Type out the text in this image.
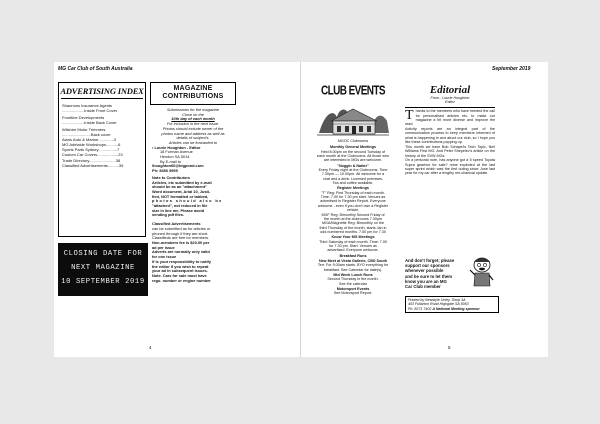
MG Car Club of South Australia	September 2019
ADVERTISING INDEX
Shannons Insurance Agents
....................Inside Front Cover
Frontline Developments
....................Inside Back Cover
Wilshire Motor Trimmers
..........................Back cover
Alans Auto & Marine..............3
MG Adelaide Workshops...........6
Sports Parts Sydney.................7
Custom Car Covers...................23
Trade Directory........................38
Classified Advertisements..........39
CLOSING DATE FOR
NEXT MAGAZINE
10 SEPTEMBER 2019
MAGAZINE
CONTRIBUTIONS
Submissions for the magazine
Close on the
10th day of each month
For inclusion in the next issue.
Photos should include owner of the
photos name and address as well as
details of subject/s.
Articles can be forwarded to
• Lourie Houghton - Editor
18 Forman Avenue
Hendon SA 5014
By E-mail to
lhoughton60@bigpond.com
Ph: 8356 9955
Note to Contributors
Articles, etc submitted by e-mail
should be as an "attachment"
Word document, Arial 10, Justi-
fied, NOT formatted or tabbed,
photos should also be
"attached", not reduced in file
size in line me. Please avoid
sending pdf files.
Classified Advertisements
can be submitted as for articles or
phoned through if they are short.
Classifieds are free for members.
Non-members fee is $20.00 per
ad per issue
Adverts are normally only valid
for one issue
If is your responsibility to notify
the editor if you wish to repeat
your ad in subsequent issues.
Note. Cars for sale must have
rego. number or engine number
4	5
CLUB EVENTS
MGOC Clubrooms
Monthly General Meetings
Held 8.00pm on the second Tuesday of
each month at the Clubrooms. All those who
are interested in MGs are welcome.
"Noggin & Natter"
Every Friday night at the Clubrooms. Time
7.30pm — 10.00pm. All welcome for a
chat and a drink. Licensed premises.
Tea and coffee available.
Register Meetings
"T" Reg: First Thursday of each month.
Time: 7.00 for 7.30 pm start. Venues as
advertised in Register Report. Everyone
welcome - even if you don't own a Register
vehicle.
MGF Reg: Bimonthly Second Friday of
the month at the clubrooms 7.30pm
MGA/Magnette Reg: Bimonthly on the
third Thursday of the month, starts Jan in
odd numbered months. 7.00 pm for 7.30
Know Your MG Meetings
Third Saturday of each month. Time: 7.00
for 7.30 pm. Start. Venues as
advertised. Everyone welcome.
Breakfast Runs
New Meet at Vesta Gallerie, CBD South
Terr. For 9.00am starts. BYO everything for
breakfast. See Calendar for date(s).
Mid Week Lunch Runs
Second Thursday in the month.
See the calendar
Motorsport Events
See Motorsport Report.
Editorial
From.. Lourie Houghton
Editor

Thanks to the members who have heeded the call for personalised articles etc. to make our magazine a bit more diverse and improve the read.

Activity reports are an integral part of the communication process to keep members informed of what is happening in and about our club, so I hope you like these contributions popping up.

This month we have Bob Schapel's Tech Topic, Neil Williams First MG. And Peter Shepelev's article on the history of the SVW MGs.

On a personal note, has anyone got a 5 speed Toyota Supra gearbox for sale? mine exploded at the last super sprint which was the first outing since June last year for my car after a lengthy me-chanical update.

And don't forget; please
support our sponsors
whenever possible
and be sure to let them
know you are an MG
Car Club member
Printed by Newstyle Unley. Shop 3A
453 Fullarton Road Highgate SA 5063
Ph: 8271 7402 A National Meeting sponsor
